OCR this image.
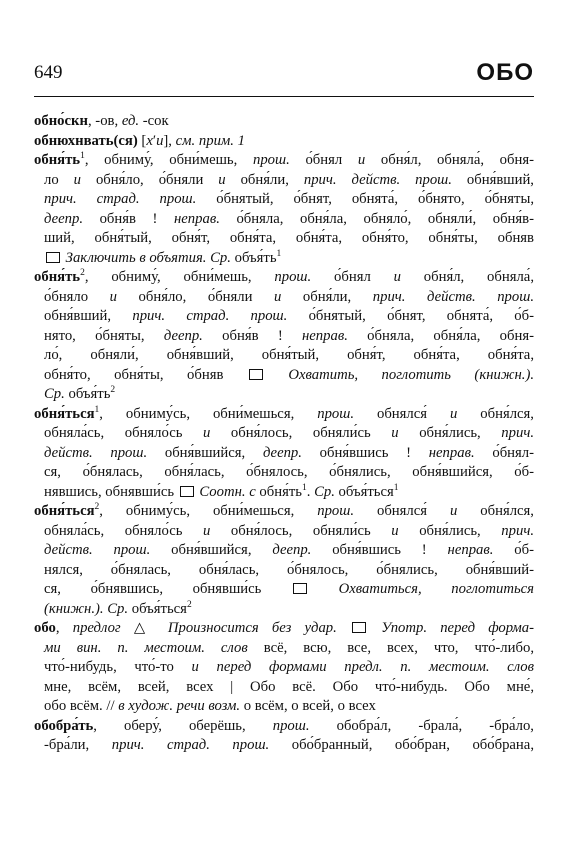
649	ОБО
обно́скн, -ов, ед. -сок
обнюхнвать(ся) [хʹи], см. прим. 1
$обня́ть^1$, обниму́, обни́мешь, прош. о́бнял и обня́л, обняла́, обня-
ло и обня́ло, о́бняли и обня́ли, прич. действ. прош. обня́вший,
прич. страд. прош. о́бнятый, о́бнят, обнята́, о́бнято, о́бняты,
деепр. обня́в ! неправ. о́бняла, обня́ла, обняло́, обняли́, обня́в-
ший, обня́тый, обня́т, обня́та, обня́та, обня́то, обня́ты, обняв
Заключить в объятия. Ср. $объя́ть^1$
$обня́ть^2$, обниму́, обни́мешь, прош. о́бнял и обня́л, обняла́,
о́бняло и обня́ло, о́бняли и обня́ли, прич. действ. прош.
обня́вший, прич. страд. прош. о́бнятый, о́бнят, обнята́, о́б-
нято, о́бняты, деепр. обня́в ! неправ. о́бняла, обня́ла, обня-
ло́, обняли́, обня́вший, обня́тый, обня́т, обня́та, обня́та,
обня́то, обня́ты, о́бняв	Охватить, поглотить (книжн.).
Ср. $объя́ть^2$
обня́ться$^1$, обниму́сь, обни́мешься, прош. обнялся́ и обня́лся,
обняла́сь, обняло́сь и обня́лось, обняли́сь и обня́лись, прич.
действ. прош. обня́вшийся, деепр. обня́вшись ! неправ. о́бнял-
ся, о́бнялась, обня́лась, о́бнялось, о́бнялись, обня́вшийся, о́б-
нявшись, обнявши́сь  Соотн. с $обня́ть^1$. Ср. объя́ться$^1$
обня́ться$^2$, обниму́сь, обни́мешься, прош. обнялся́ и обня́лся,
обняла́сь, обняло́сь и обня́лось, обняли́сь и обня́лись, прич.
действ. прош. обня́вшийся, деепр. обня́вшись ! неправ. о́б-
нялся, о́бнялась, обня́лась, о́бнялось, о́бнялись, обня́вший-
ся, о́бнявшись, обнявши́сь	Охватиться, поглотиться
(книжн.). Ср. объя́ться$^2$
обо, предлог △ Произносится без удар.	Употр. перед форма-
ми вин. п. местоим. слов всё, всю, все, всех, что, что́-либо,
что́-нибудь, что́-то и перед формами предл. п. местоим. слов
мне, всём, всей, всех | Обо всё. Обо что́-нибудь. Обо мне́,
обо всём. // в худож. речи возм. о всём, о всей, о всех
обобра́ть, оберу́, оберёшь, прош. обобра́л, -брала́, -бра́ло,
-бра́ли, прич. страд. прош. обо́бранный, обо́бран, обо́брана,
